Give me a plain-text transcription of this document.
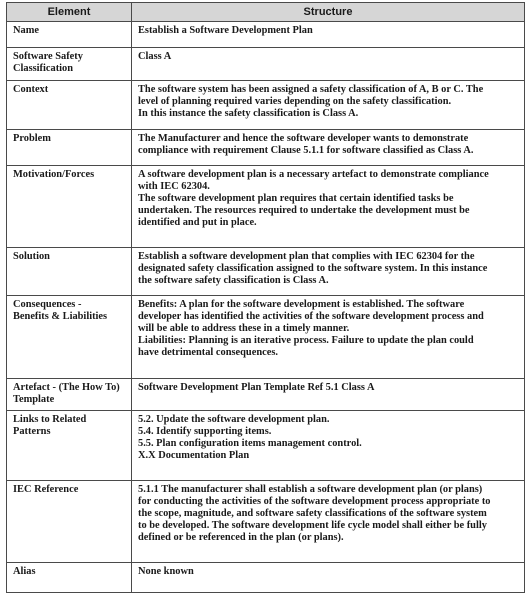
Element	Structure

Name	Establish a Software Development Plan

Software Safety
Classification	Class A

Context	The software system has been assigned a safety classification of A, B or C. The
level of planning required varies depending on the safety classification.
In this instance the safety classification is Class A.

Problem	The Manufacturer and hence the software developer wants to demonstrate
compliance with requirement Clause 5.1.1 for software classified as Class A.

Motivation/Forces	A software development plan is a necessary artefact to demonstrate compliance
with IEC 62304.
The software development plan requires that certain identified tasks be
undertaken. The resources required to undertake the development must be
identified and put in place.

Solution	Establish a software development plan that complies with IEC 62304 for the
designated safety classification assigned to the software system. In this instance
the software safety classification is Class A.

Consequences -
Benefits & Liabilities	Benefits: A plan for the software development is established. The software
developer has identified the activities of the software development process and
will be able to address these in a timely manner.
Liabilities: Planning is an iterative process. Failure to update the plan could
have detrimental consequences.

Artefact - (The How To)
Template	Software Development Plan Template Ref 5.1 Class A

Links to Related
Patterns	5.2. Update the software development plan.
5.4. Identify supporting items.
5.5. Plan configuration items management control.
X.X Documentation Plan

IEC Reference	5.1.1 The manufacturer shall establish a software development plan (or plans)
for conducting the activities of the software development process appropriate to
the scope, magnitude, and software safety classifications of the software system
to be developed. The software development life cycle model shall either be fully
defined or be referenced in the plan (or plans).

Alias	None known
